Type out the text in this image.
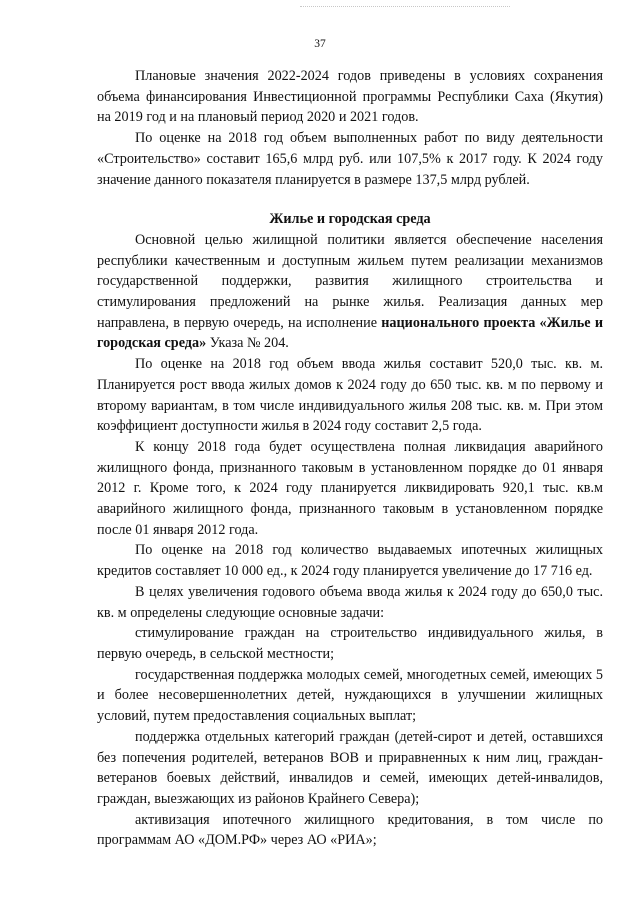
37

Плановые значения 2022-2024 годов приведены в условиях сохранения объема финансирования Инвестиционной программы Республики Саха (Якутия) на 2019 год и на плановый период 2020 и 2021 годов.

По оценке на 2018 год объем выполненных работ по виду деятельности «Строительство» составит 165,6 млрд руб. или 107,5% к 2017 году. К 2024 году значение данного показателя планируется в размере 137,5 млрд рублей.

Жилье и городская среда

Основной целью жилищной политики является обеспечение населения республики качественным и доступным жильем путем реализации механизмов государственной поддержки, развития жилищного строительства и стимулирования предложений на рынке жилья. Реализация данных мер направлена, в первую очередь, на исполнение национального проекта «Жилье и городская среда» Указа № 204.

По оценке на 2018 год объем ввода жилья составит 520,0 тыс. кв. м. Планируется рост ввода жилых домов к 2024 году до 650 тыс. кв. м по первому и второму вариантам, в том числе индивидуального жилья 208 тыс. кв. м. При этом коэффициент доступности жилья в 2024 году составит 2,5 года.

К концу 2018 года будет осуществлена полная ликвидация аварийного жилищного фонда, признанного таковым в установленном порядке до 01 января 2012 г. Кроме того, к 2024 году планируется ликвидировать 920,1 тыс. кв.м аварийного жилищного фонда, признанного таковым в установленном порядке после 01 января 2012 года.

По оценке на 2018 год количество выдаваемых ипотечных жилищных кредитов составляет 10 000 ед., к 2024 году планируется увеличение до 17 716 ед.

В целях увеличения годового объема ввода жилья к 2024 году до 650,0 тыс. кв. м определены следующие основные задачи:

стимулирование граждан на строительство индивидуального жилья, в первую очередь, в сельской местности;

государственная поддержка молодых семей, многодетных семей, имеющих 5 и более несовершеннолетних детей, нуждающихся в улучшении жилищных условий, путем предоставления социальных выплат;

поддержка отдельных категорий граждан (детей-сирот и детей, оставшихся без попечения родителей, ветеранов ВОВ и приравненных к ним лиц, граждан-ветеранов боевых действий, инвалидов и семей, имеющих детей-инвалидов, граждан, выезжающих из районов Крайнего Севера);

активизация ипотечного жилищного кредитования, в том числе по программам АО «ДОМ.РФ» через АО «РИА»;
